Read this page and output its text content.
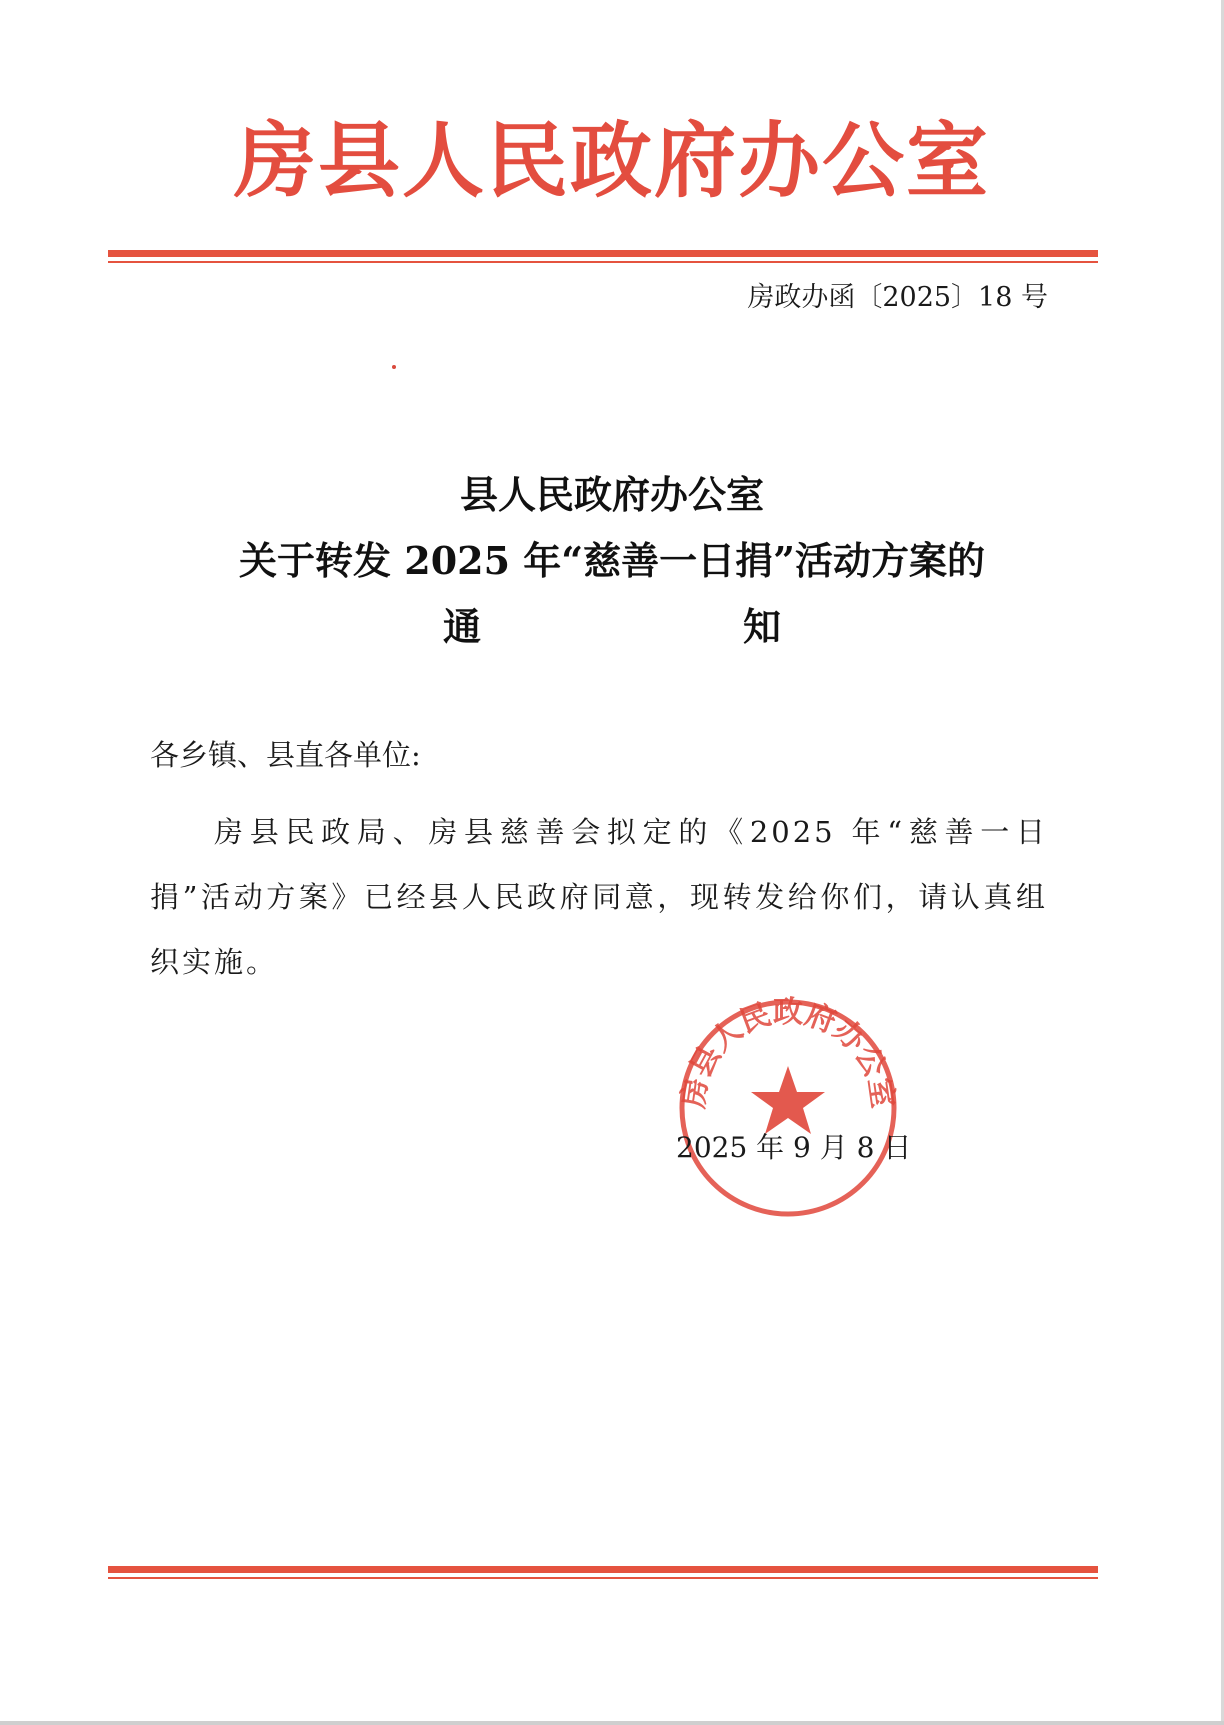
房县人民政府办公室
房政办函〔2025〕18 号
县人民政府办公室
关于转发 2025 年“慈善一日捐”活动方案的
通	知
各乡镇、县直各单位:
房县民政局、房县慈善会拟定的《2025 年“慈善一日捐”活动方案》已经县人民政府同意，现转发给你们，请认真组织实施。
房县人民政府办公室
2025 年 9 月 8 日
